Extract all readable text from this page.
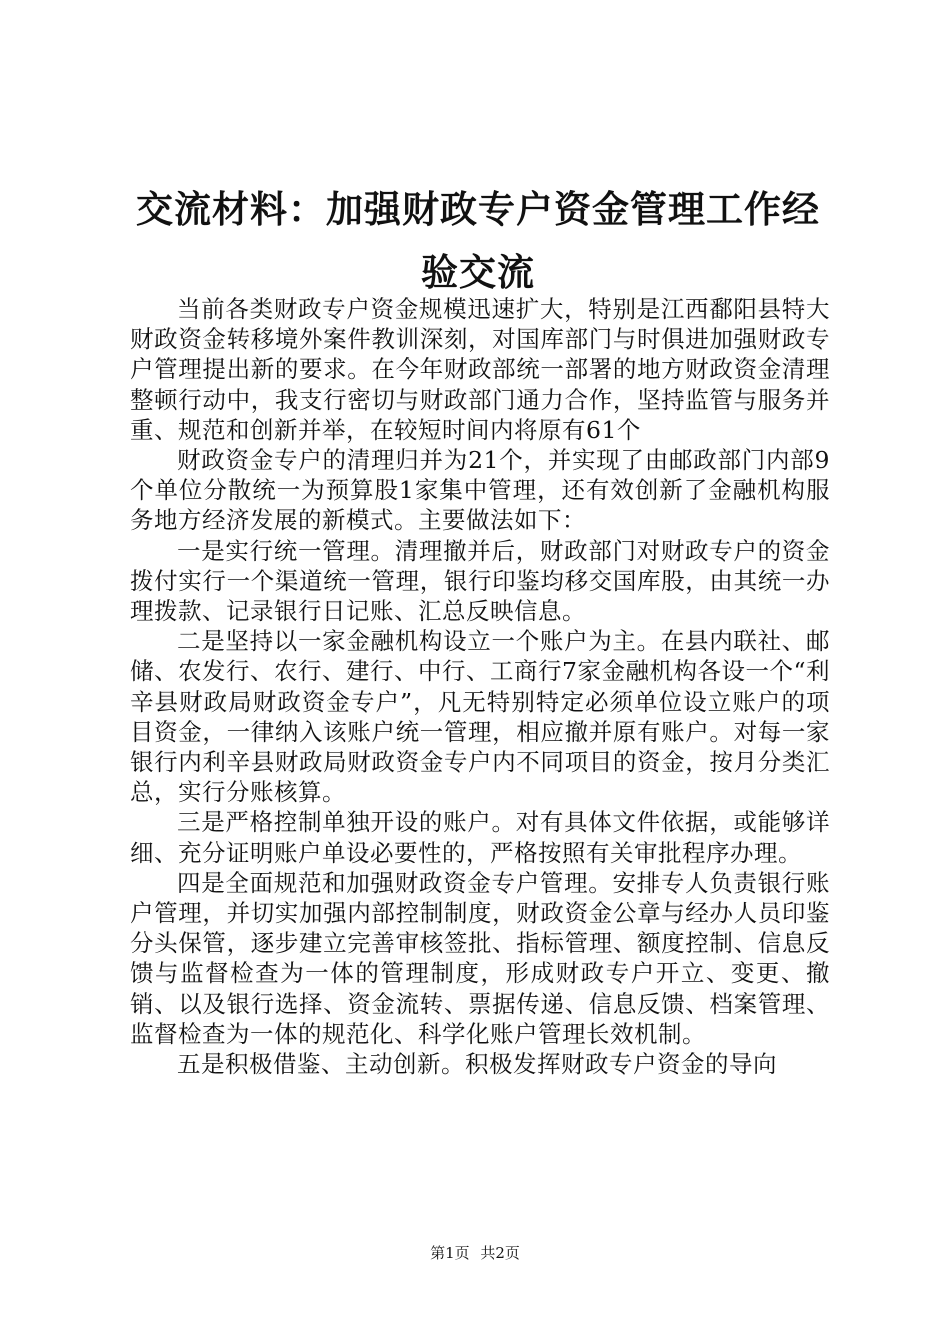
交流材料：加强财政专户资金管理工作经验交流

当前各类财政专户资金规模迅速扩大，特别是江西鄱阳县特大财政资金转移境外案件教训深刻，对国库部门与时俱进加强财政专户管理提出新的要求。在今年财政部统一部署的地方财政资金清理整顿行动中，我支行密切与财政部门通力合作，坚持监管与服务并重、规范和创新并举，在较短时间内将原有61个

财政资金专户的清理归并为21个，并实现了由邮政部门内部9个单位分散统一为预算股1家集中管理，还有效创新了金融机构服务地方经济发展的新模式。主要做法如下：

一是实行统一管理。清理撤并后，财政部门对财政专户的资金拨付实行一个渠道统一管理，银行印鉴均移交国库股，由其统一办理拨款、记录银行日记账、汇总反映信息。

二是坚持以一家金融机构设立一个账户为主。在县内联社、邮储、农发行、农行、建行、中行、工商行7家金融机构各设一个“利辛县财政局财政资金专户”，凡无特别特定必须单位设立账户的项目资金，一律纳入该账户统一管理，相应撤并原有账户。对每一家银行内利辛县财政局财政资金专户内不同项目的资金，按月分类汇总，实行分账核算。

三是严格控制单独开设的账户。对有具体文件依据，或能够详细、充分证明账户单设必要性的，严格按照有关审批程序办理。

四是全面规范和加强财政资金专户管理。安排专人负责银行账户管理，并切实加强内部控制制度，财政资金公章与经办人员印鉴分头保管，逐步建立完善审核签批、指标管理、额度控制、信息反馈与监督检查为一体的管理制度，形成财政专户开立、变更、撤销、以及银行选择、资金流转、票据传递、信息反馈、档案管理、监督检查为一体的规范化、科学化账户管理长效机制。

五是积极借鉴、主动创新。积极发挥财政专户资金的导向

第1页 共2页
